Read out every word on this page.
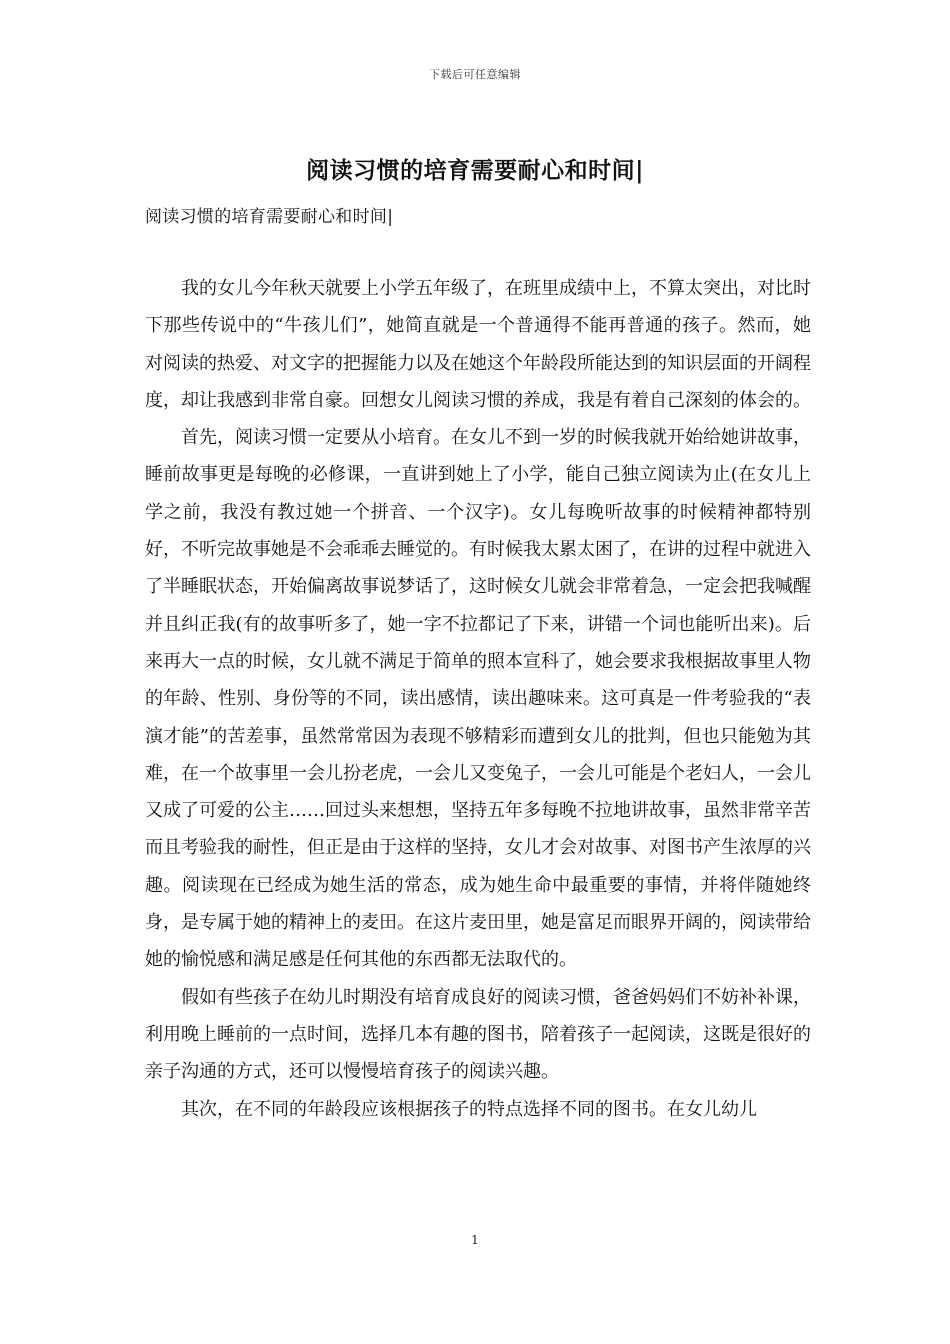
下载后可任意编辑
阅读习惯的培育需要耐心和时间|
阅读习惯的培育需要耐心和时间|

我的女儿今年秋天就要上小学五年级了，在班里成绩中上，不算太突出，对比时下那些传说中的“牛孩儿们”，她简直就是一个普通得不能再普通的孩子。然而，她对阅读的热爱、对文字的把握能力以及在她这个年龄段所能达到的知识层面的开阔程度，却让我感到非常自豪。回想女儿阅读习惯的养成，我是有着自己深刻的体会的。

首先，阅读习惯一定要从小培育。在女儿不到一岁的时候我就开始给她讲故事，睡前故事更是每晚的必修课，一直讲到她上了小学，能自己独立阅读为止(在女儿上学之前，我没有教过她一个拼音、一个汉字)。女儿每晚听故事的时候精神都特别好，不听完故事她是不会乖乖去睡觉的。有时候我太累太困了，在讲的过程中就进入了半睡眠状态，开始偏离故事说梦话了，这时候女儿就会非常着急，一定会把我喊醒并且纠正我(有的故事听多了，她一字不拉都记了下来，讲错一个词也能听出来)。后来再大一点的时候，女儿就不满足于简单的照本宣科了，她会要求我根据故事里人物的年龄、性别、身份等的不同，读出感情，读出趣味来。这可真是一件考验我的“表演才能”的苦差事，虽然常常因为表现不够精彩而遭到女儿的批判，但也只能勉为其难，在一个故事里一会儿扮老虎，一会儿又变兔子，一会儿可能是个老妇人，一会儿又成了可爱的公主……回过头来想想，坚持五年多每晚不拉地讲故事，虽然非常辛苦而且考验我的耐性，但正是由于这样的坚持，女儿才会对故事、对图书产生浓厚的兴趣。阅读现在已经成为她生活的常态，成为她生命中最重要的事情，并将伴随她终身，是专属于她的精神上的麦田。在这片麦田里，她是富足而眼界开阔的，阅读带给她的愉悦感和满足感是任何其他的东西都无法取代的。

假如有些孩子在幼儿时期没有培育成良好的阅读习惯，爸爸妈妈们不妨补补课，利用晚上睡前的一点时间，选择几本有趣的图书，陪着孩子一起阅读，这既是很好的亲子沟通的方式，还可以慢慢培育孩子的阅读兴趣。

其次，在不同的年龄段应该根据孩子的特点选择不同的图书。在女儿幼儿

1
